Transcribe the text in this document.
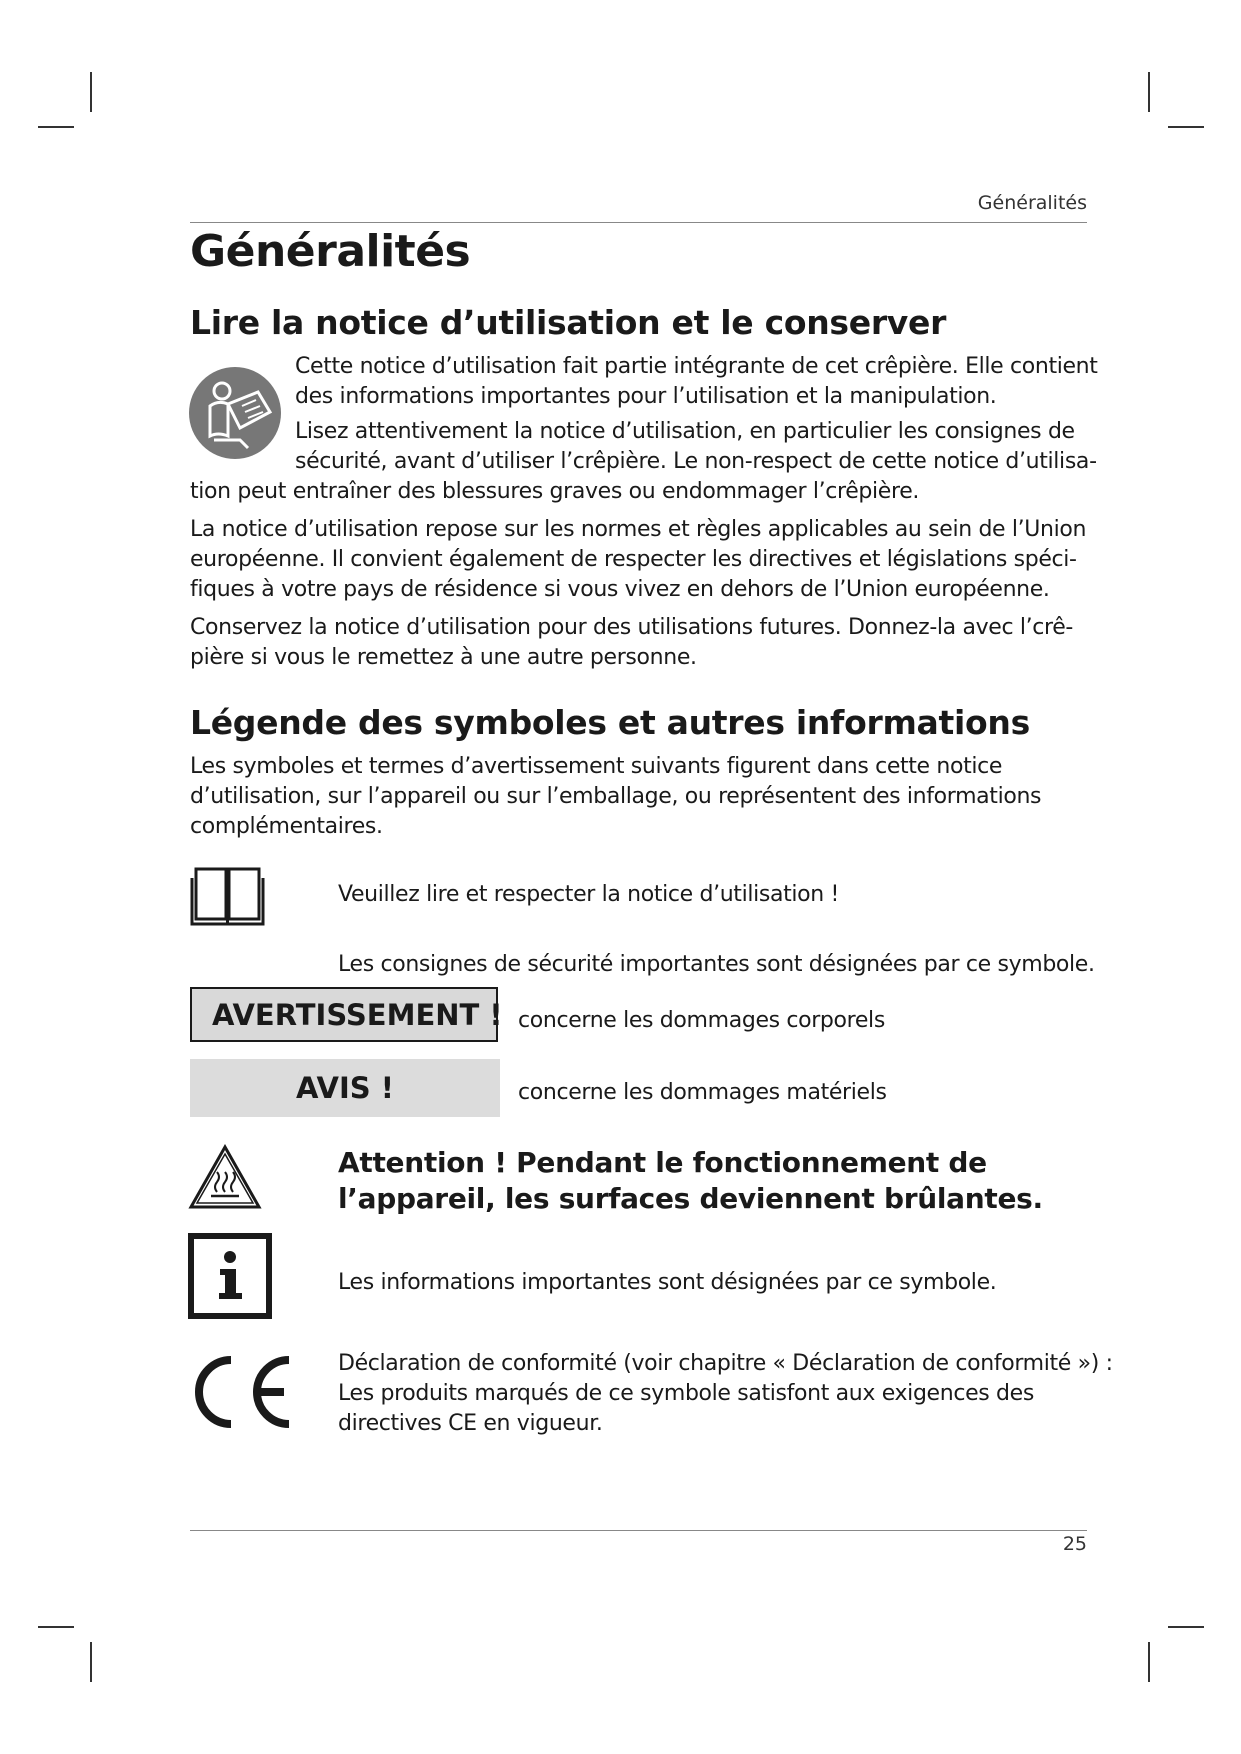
Généralités
Généralités
Lire la notice d’utilisation et le conserver

Cette notice d’utilisation fait partie intégrante de cet crêpière. Elle contient

des informations importantes pour l’utilisation et la manipulation.

Lisez attentivement la notice d’utilisation, en particulier les consignes de

sécurité, avant d’utiliser l’crêpière. Le non-respect de cette notice d’utilisa-

tion peut entraîner des blessures graves ou endommager l’crêpière.

La notice d’utilisation repose sur les normes et règles applicables au sein de l’Union

européenne. Il convient également de respecter les directives et législations spéci-

fiques à votre pays de résidence si vous vivez en dehors de l’Union européenne.

Conservez la notice d’utilisation pour des utilisations futures. Donnez-la avec l’crê-

pière si vous le remettez à une autre personne.

Légende des symboles et autres informations

Les symboles et termes d’avertissement suivants figurent dans cette notice

d’utilisation, sur l’appareil ou sur l’emballage, ou représentent des informations

complémentaires.

Veuillez lire et respecter la notice d’utilisation !

Les consignes de sécurité importantes sont désignées par ce symbole.

AVERTISSEMENT ! concerne les dommages corporels

AVIS !	concerne les dommages matériels

Attention ! Pendant le fonctionnement de
l’appareil, les surfaces deviennent brûlantes.

Les informations importantes sont désignées par ce symbole.

Déclaration de conformité (voir chapitre « Déclaration de conformité ») :

Les produits marqués de ce symbole satisfont aux exigences des

directives CE en vigueur.

25
